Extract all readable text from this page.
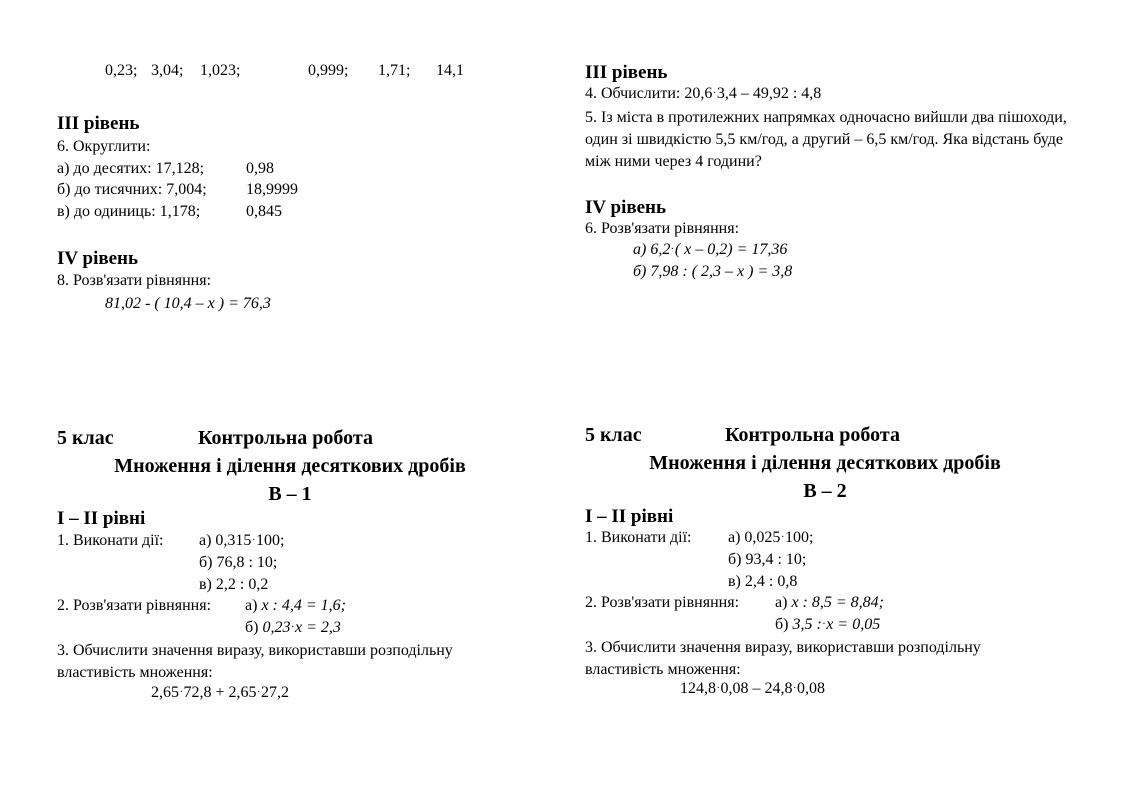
0,23; 3,04; 1,023;	0,999; 1,71; 14,1
III рівень
6. Округлити:
а) до десятих: 17,128;	0,98
б) до тисячних: 7,004; 18,9999
в) до одиниць: 1,178;	0,845
IV рівень
8. Розв'язати рівняння:
81,02 - ( 10,4 – x ) = 76,3
III рівень
4. Обчислити: 20,6.3,4 – 49,92 : 4,8
5. Із міста в протилежних напрямках одночасно вийшли два пішоходи, один зі швидкістю 5,5 км/год, а другий – 6,5 км/год. Яка відстань буде між ними через 4 години?
IV рівень
6. Розв'язати рівняння:
а) 6,2.( x – 0,2) = 17,36
б) 7,98 : ( 2,3 – x ) = 3,8
5 клас	Контрольна робота
Множення і ділення десяткових дробів
В – 1
І – ІІ рівні
1. Виконати дії: а) 0,315.100;
б) 76,8 : 10;
в) 2,2 : 0,2
2. Розв'язати рівняння: а) x : 4,4 = 1,6;
б) 0,23.x = 2,3
3. Обчислити значення виразу, використавши розподільну властивість множення:
2,65.72,8 + 2,65.27,2
5 клас	Контрольна робота
Множення і ділення десяткових дробів
В – 2
І – ІІ рівні
1. Виконати дії: а) 0,025.100;
б) 93,4 : 10;
в) 2,4 : 0,8
2. Розв'язати рівняння: а) x : 8,5 = 8,84;
б) 3,5 :.x = 0,05
3. Обчислити значення виразу, використавши розподільну властивість множення:
124,8.0,08 – 24,8.0,08
